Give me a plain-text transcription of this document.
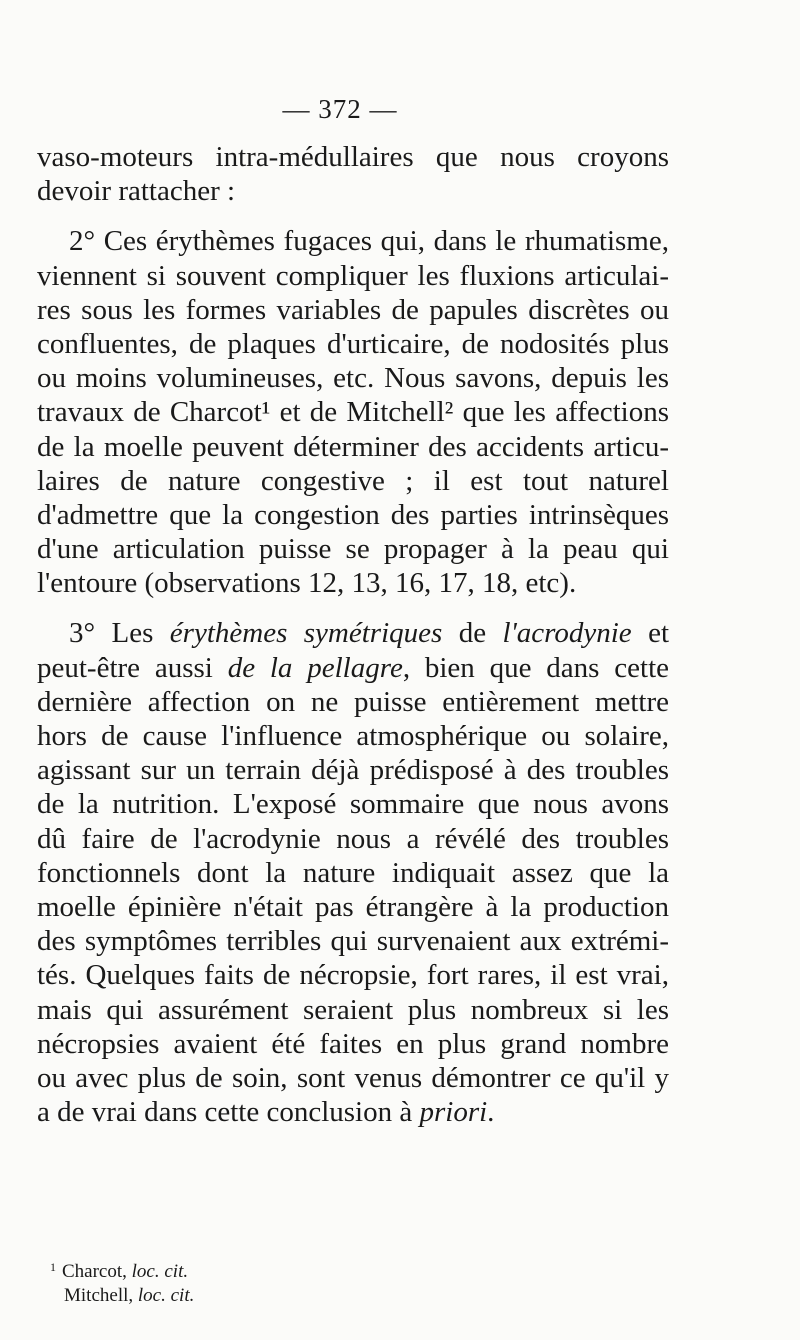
— 372 —
vaso-moteurs intra-médullaires que nous croyons
devoir rattacher :
2° Ces érythèmes fugaces qui, dans le rhumatisme,
viennent si souvent compliquer les fluxions articulai-
res sous les formes variables de papules discrètes ou
confluentes, de plaques d'urticaire, de nodosités plus
ou moins volumineuses, etc. Nous savons, depuis les
travaux de Charcot¹ et de Mitchell² que les affections
de la moelle peuvent déterminer des accidents articu-
laires de nature congestive ; il est tout naturel
d'admettre que la congestion des parties intrinsèques
d'une articulation puisse se propager à la peau qui
l'entoure (observations 12, 13, 16, 17, 18, etc).
3° Les érythèmes symétriques de l'acrodynie et
peut-être aussi de la pellagre, bien que dans cette
dernière affection on ne puisse entièrement mettre
hors de cause l'influence atmosphérique ou solaire,
agissant sur un terrain déjà prédisposé à des troubles
de la nutrition. L'exposé sommaire que nous avons
dû faire de l'acrodynie nous a révélé des troubles
fonctionnels dont la nature indiquait assez que la
moelle épinière n'était pas étrangère à la production
des symptômes terribles qui survenaient aux extrémi-
tés. Quelques faits de nécropsie, fort rares, il est vrai,
mais qui assurément seraient plus nombreux si les
nécropsies avaient été faites en plus grand nombre
ou avec plus de soin, sont venus démontrer ce qu'il y
a de vrai dans cette conclusion à priori.
$^1$ Charcot, loc. cit.
Mitchell, loc. cit.
